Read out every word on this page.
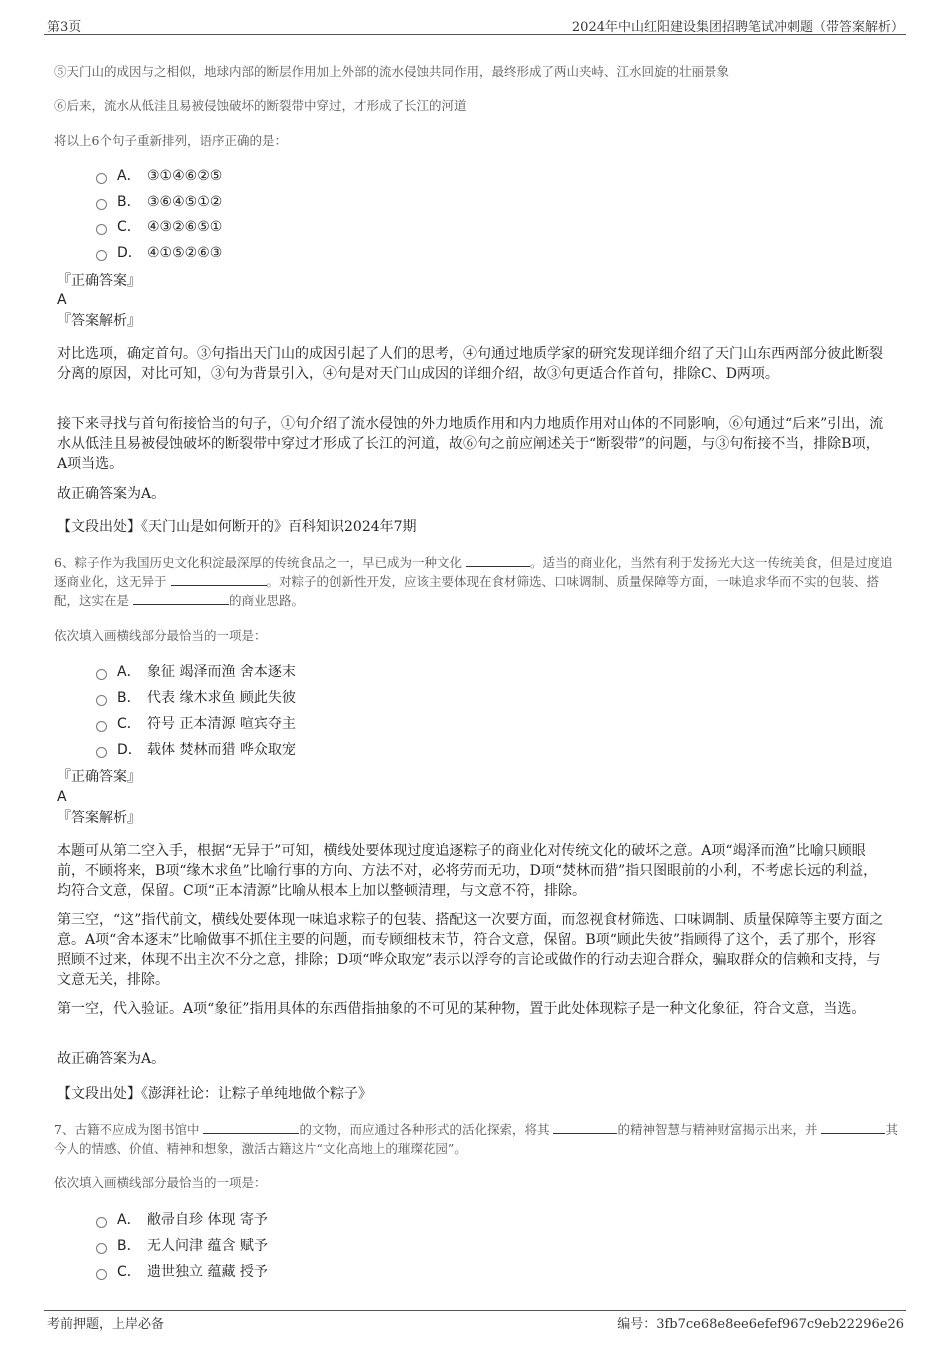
第3页	2024年中山红阳建设集团招聘笔试冲刺题（带答案解析）

⑤天门山的成因与之相似，地球内部的断层作用加上外部的流水侵蚀共同作用，最终形成了两山夹峙、江水回旋的壮丽景象

⑥后来，流水从低洼且易被侵蚀破坏的断裂带中穿过，才形成了长江的河道

将以上6个句子重新排列，语序正确的是：

A． ③①④⑥②⑤
B． ③⑥④⑤①②
C． ④③②⑥⑤①
D． ④①⑤②⑥③
『正确答案』
A
『答案解析』

对比选项，确定首句。③句指出天门山的成因引起了人们的思考，④句通过地质学家的研究发现详细介绍了天门山东西两部分彼此断裂分离的原因，对比可知，③句为背景引入，④句是对天门山成因的详细介绍，故③句更适合作首句，排除C、D两项。

接下来寻找与首句衔接恰当的句子，①句介绍了流水侵蚀的外力地质作用和内力地质作用对山体的不同影响，⑥句通过“后来”引出，流水从低洼且易被侵蚀破坏的断裂带中穿过才形成了长江的河道，故⑥句之前应阐述关于“断裂带”的问题，与③句衔接不当，排除B项，A项当选。

故正确答案为A。

【文段出处】《天门山是如何断开的》百科知识2024年7期

6、粽子作为我国历史文化积淀最深厚的传统食品之一，早已成为一种文化	。适当的商业化，当然有利于发扬光大这一传统美食，但是过度追逐商业化，这无异于	。对粽子的创新性开发，应该主要体现在食材筛选、口味调制、质量保障等方面，一味追求华而不实的包装、搭配，这实在是	的商业思路。

依次填入画横线部分最恰当的一项是：

A． 象征 竭泽而渔 舍本逐末
B． 代表 缘木求鱼 顾此失彼
C． 符号 正本清源 喧宾夺主
D． 载体 焚林而猎 哗众取宠
『正确答案』
A
『答案解析』

本题可从第二空入手，根据“无异于”可知，横线处要体现过度追逐粽子的商业化对传统文化的破坏之意。A项“竭泽而渔”比喻只顾眼前，不顾将来，B项“缘木求鱼”比喻行事的方向、方法不对，必将劳而无功，D项“焚林而猎”指只图眼前的小利，不考虑长远的利益，均符合文意，保留。C项“正本清源”比喻从根本上加以整顿清理，与文意不符，排除。

第三空，“这”指代前文，横线处要体现一味追求粽子的包装、搭配这一次要方面，而忽视食材筛选、口味调制、质量保障等主要方面之意。A项“舍本逐末”比喻做事不抓住主要的问题，而专顾细枝末节，符合文意，保留。B项“顾此失彼”指顾得了这个，丢了那个，形容照顾不过来，体现不出主次不分之意，排除；D项“哗众取宠”表示以浮夸的言论或做作的行动去迎合群众，骗取群众的信赖和支持，与文意无关，排除。

第一空，代入验证。A项“象征”指用具体的东西借指抽象的不可见的某种物，置于此处体现粽子是一种文化象征，符合文意，当选。

故正确答案为A。

【文段出处】《澎湃社论：让粽子单纯地做个粽子》

7、古籍不应成为图书馆中	的文物，而应通过各种形式的活化探索，将其	的精神智慧与精神财富揭示出来，并	其今人的情感、价值、精神和想象，激活古籍这片“文化高地上的璀璨花园”。

依次填入画横线部分最恰当的一项是：

A． 敝帚自珍 体现 寄予
B． 无人问津 蕴含 赋予
C． 遗世独立 蕴藏 授予
考前押题，上岸必备	编号：3fb7ce68e8ee6efef967c9eb22296e26
